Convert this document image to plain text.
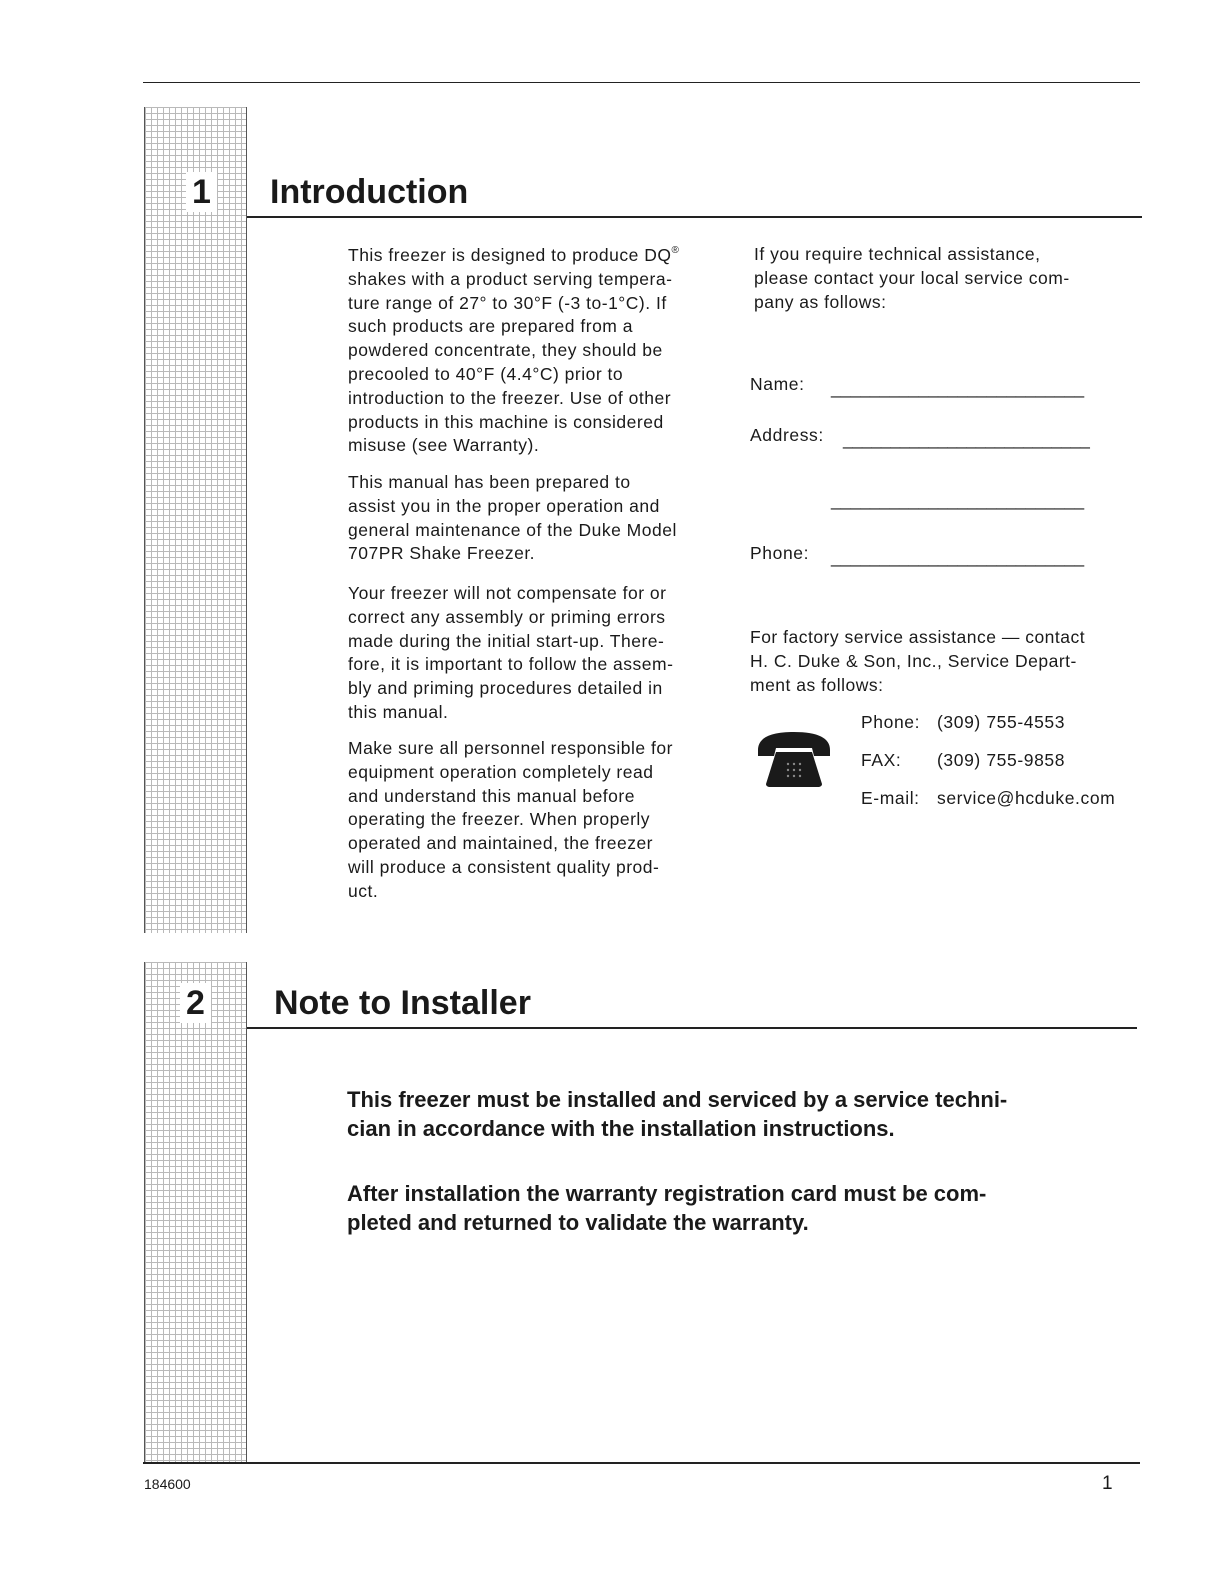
1 Introduction

This freezer is designed to produce DQ®
shakes with a product serving tempera-
ture range of 27° to 30°F (-3 to-1°C). If
such products are prepared from a
powdered concentrate, they should be
precooled to 40°F (4.4°C) prior to
introduction to the freezer. Use of other
products in this machine is considered
misuse (see Warranty).

This manual has been prepared to
assist you in the proper operation and
general maintenance of the Duke Model
707PR Shake Freezer.

Your freezer will not compensate for or
correct any assembly or priming errors
made during the initial start-up. There-
fore, it is important to follow the assem-
bly and priming procedures detailed in
this manual.

Make sure all personnel responsible for
equipment operation completely read
and understand this manual before
operating the freezer. When properly
operated and maintained, the freezer
will produce a consistent quality prod-
uct.

If you require technical assistance,
please contact your local service com-
pany as follows:

Name: __________________________
Address: __________________________
__________________________
Phone: __________________________

For factory service assistance — contact
H. C. Duke & Son, Inc., Service Depart-
ment as follows:

Phone: (309) 755-4553
FAX: (309) 755-9858
E-mail: service@hcduke.com
2 Note to Installer

This freezer must be installed and serviced by a service techni-
cian in accordance with the installation instructions.

After installation the warranty registration card must be com-
pleted and returned to validate the warranty.

184600	1
